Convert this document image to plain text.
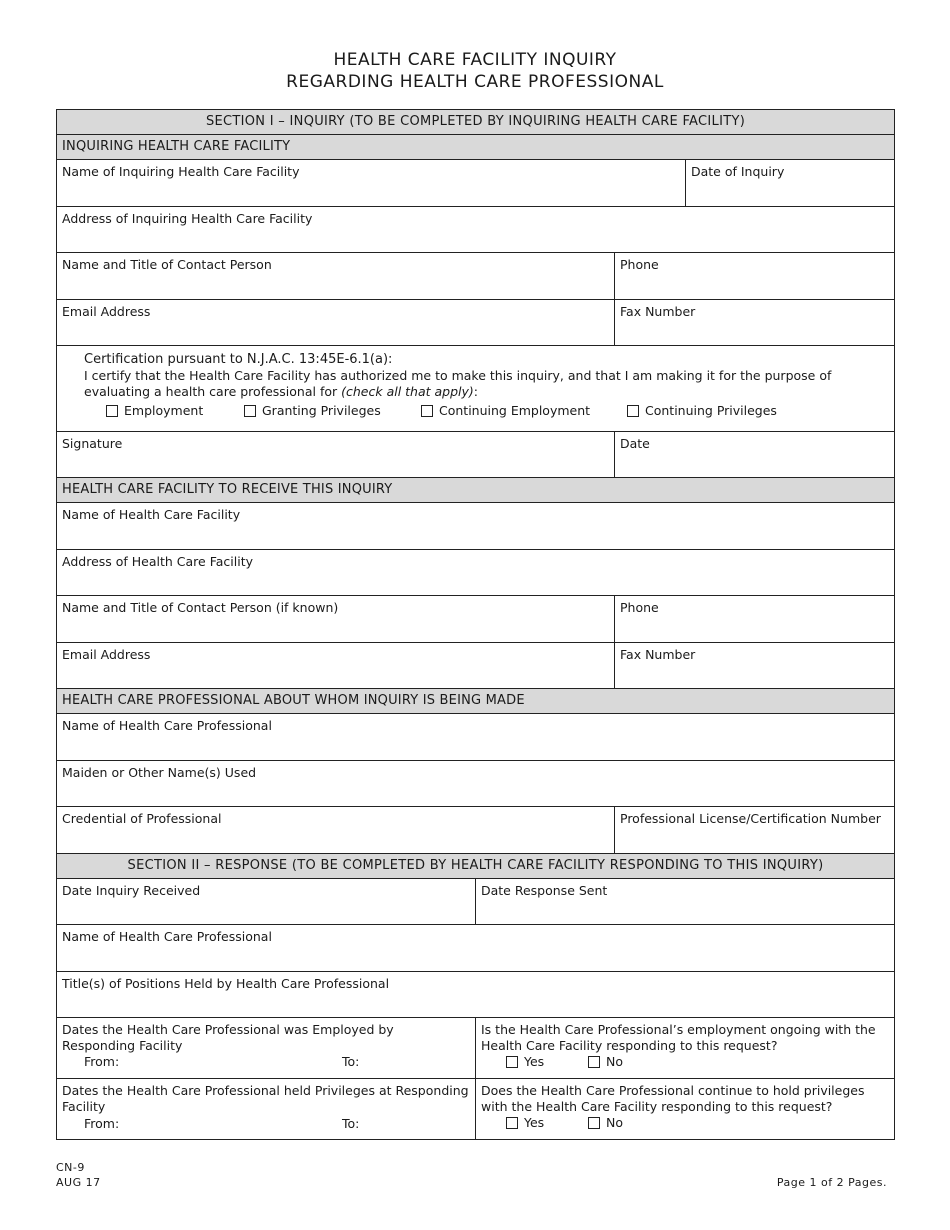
HEALTH CARE FACILITY INQUIRY
REGARDING HEALTH CARE PROFESSIONAL
SECTION I – INQUIRY (TO BE COMPLETED BY INQUIRING HEALTH CARE FACILITY)
INQUIRING HEALTH CARE FACILITY
Name of Inquiring Health Care Facility	Date of Inquiry
Address of Inquiring Health Care Facility
Name and Title of Contact Person	Phone
Email Address	Fax Number
Certification pursuant to N.J.A.C. 13:45E-6.1(a):
I certify that the Health Care Facility has authorized me to make this inquiry, and that I am making it for the purpose of evaluating a health care professional for (check all that apply):
Employment	Granting Privileges	Continuing Employment	Continuing Privileges
Signature	Date
HEALTH CARE FACILITY TO RECEIVE THIS INQUIRY
Name of Health Care Facility
Address of Health Care Facility
Name and Title of Contact Person (if known)	Phone
Email Address	Fax Number
HEALTH CARE PROFESSIONAL ABOUT WHOM INQUIRY IS BEING MADE
Name of Health Care Professional
Maiden or Other Name(s) Used
Credential of Professional	Professional License/Certification Number
SECTION II – RESPONSE (TO BE COMPLETED BY HEALTH CARE FACILITY RESPONDING TO THIS INQUIRY)
Date Inquiry Received	Date Response Sent
Name of Health Care Professional
Title(s) of Positions Held by Health Care Professional
Dates the Health Care Professional was Employed by Responding Facility
From:	To:
Is the Health Care Professional’s employment ongoing with the Health Care Facility responding to this request?
Yes	No
Dates the Health Care Professional held Privileges at Responding Facility
From:	To:
Does the Health Care Professional continue to hold privileges with the Health Care Facility responding to this request?
Yes	No
CN-9
AUG 17	Page 1 of 2 Pages.
